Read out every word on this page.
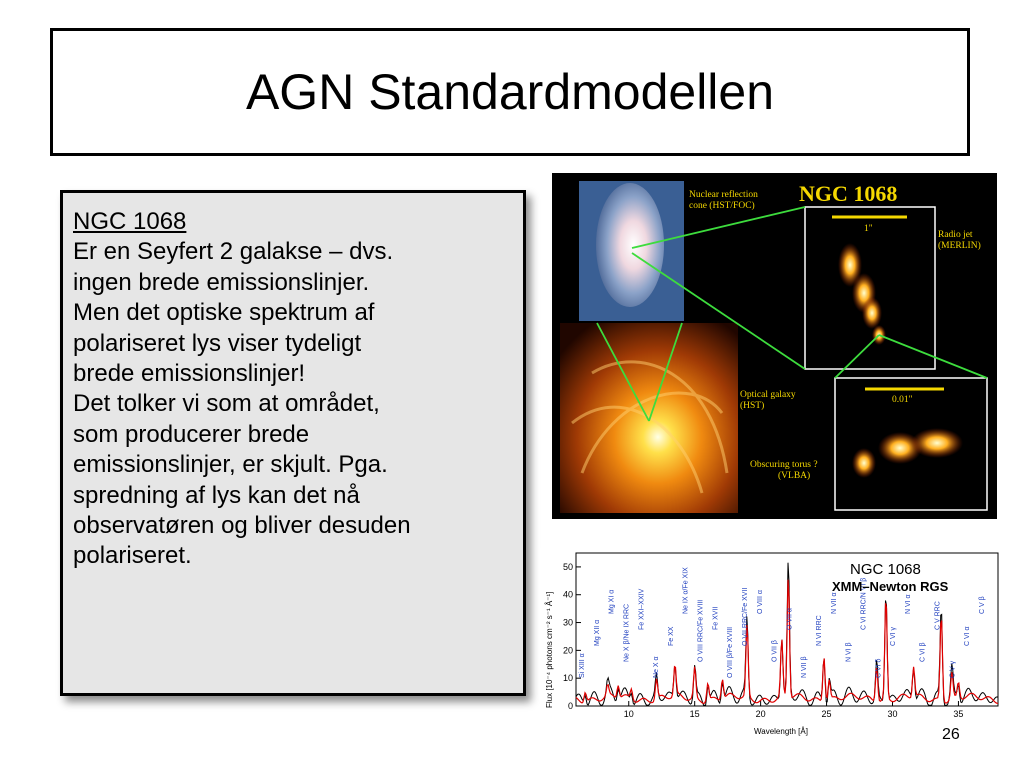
AGN Standardmodellen

NGC 1068

Er en Seyfert 2 galakse – dvs.

ingen brede emissionslinjer.

Men det optiske spektrum af

polariseret lys viser tydeligt

brede emissionslinjer!

Det tolker vi som at området,

som producerer brede

emissionslinjer, er skjult. Pga.

spredning af lys kan det nå

observatøren og bliver desuden

polariseret.

NGC 1068
Nuclear reflection
cone (HST/FOC)
Radio jet
(MERLIN)
Optical galaxy
(HST)
Obscuring torus ?
(VLBA)
1"
0.01"
10	15	20	25	30	35
0
10
20
30
40
50
Si XIII α
Mg XII α
Mg XI α
Ne X β/Ne IX RRC Fe XXI–XXIV
Ne X α
Fe XX
Ne IX α/Fe XIX
O VIII RRC/Fe XVIII Fe XVII
O VIII β/Fe XVIII
O VII RRC/Fe XVII O VIII α
O VII β
O VII α
N VII β
N VI RRC
N VII α
N VI β
C VI RRC/N VI β
C VI δ
C VI γ
N VI α
C VI β
C V RRC
C V γ
C VI α
C V β
NGC 1068
XMM–Newton RGS
Wavelength [Å]
Flux [10⁻⁴ photons cm⁻² s⁻¹ Å⁻¹]
26
